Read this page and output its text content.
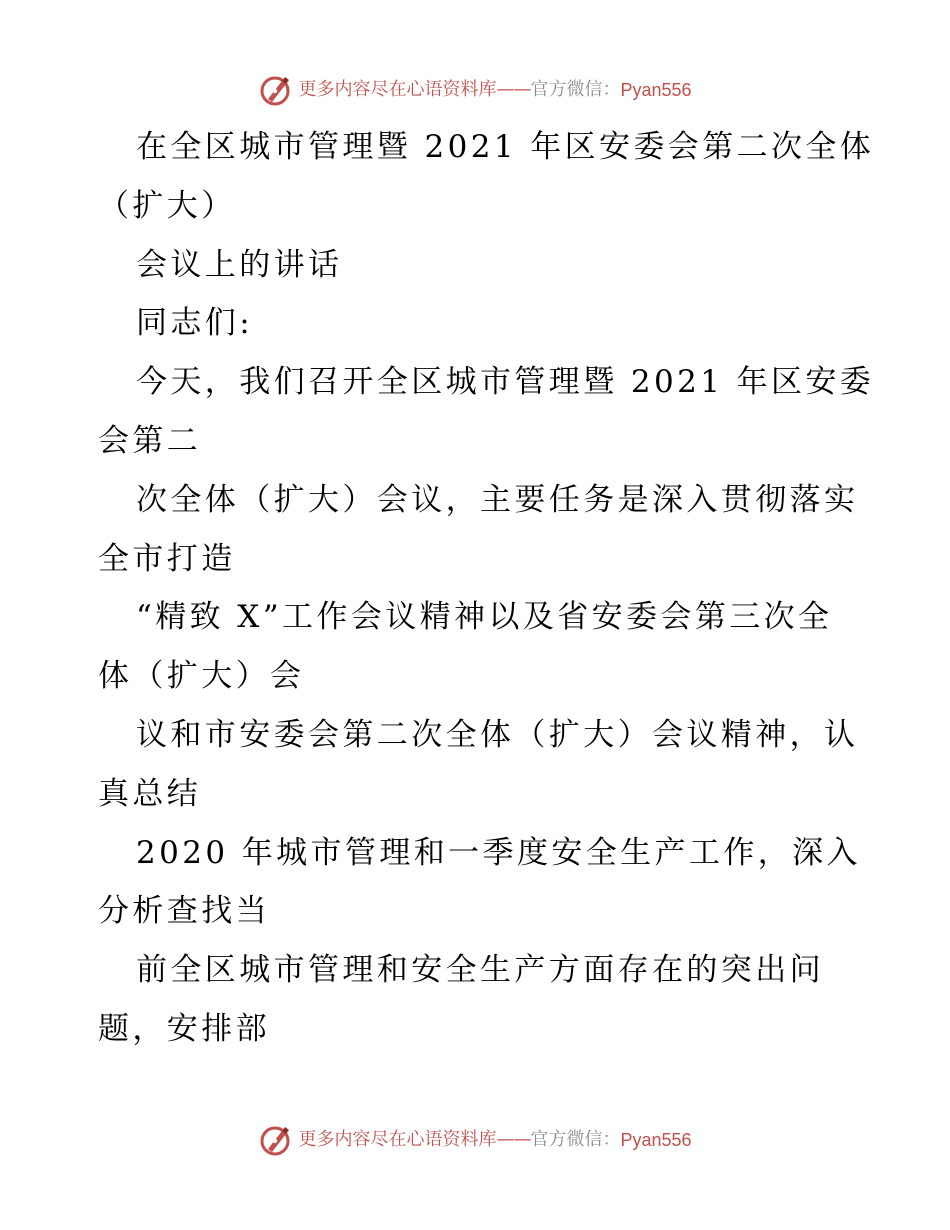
更多内容尽在心语资料库 —— 官方微信： Pyan556
在全区城市管理暨 2021 年区安委会第二次全体
（扩大）
会议上的讲话
同志们:
今天，我们召开全区城市管理暨 2021 年区安委
会第二
次全体（扩大）会议，主要任务是深入贯彻落实
全市打造
“精致 X”工作会议精神以及省安委会第三次全
体（扩大）会
议和市安委会第二次全体（扩大）会议精神，认
真总结
2020 年城市管理和一季度安全生产工作，深入
分析查找当
前全区城市管理和安全生产方面存在的突出问
题，安排部
更多内容尽在心语资料库 —— 官方微信： Pyan556
